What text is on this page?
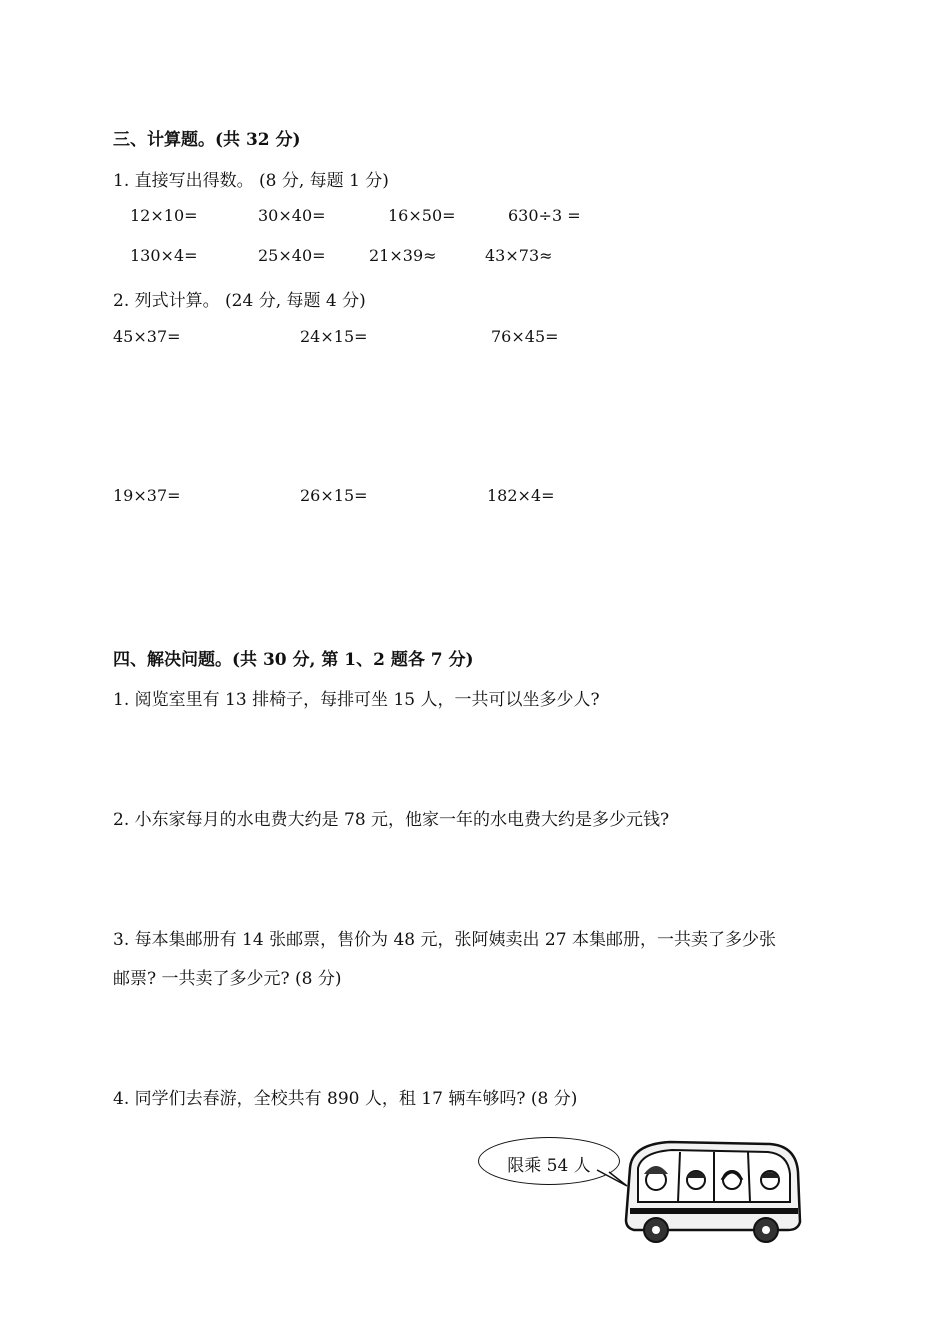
三、计算题。(共 32 分)
1. 直接写出得数。 (8 分, 每题 1 分)
12×10=	30×40=	16×50=	630÷3 =
130×4=	25×40=	21×39≈	43×73≈
2. 列式计算。 (24 分, 每题 4 分)
45×37=	24×15=	76×45=
19×37=	26×15=	182×4=
四、解决问题。(共 30 分, 第 1、2 题各 7 分)
1. 阅览室里有 13 排椅子，每排可坐 15 人，一共可以坐多少人?
2. 小东家每月的水电费大约是 78 元，他家一年的水电费大约是多少元钱?
3. 每本集邮册有 14 张邮票，售价为 48 元，张阿姨卖出 27 本集邮册，一共卖了多少张
邮票? 一共卖了多少元? (8 分)
4. 同学们去春游，全校共有 890 人，租 17 辆车够吗? (8 分)
限乘 54 人
